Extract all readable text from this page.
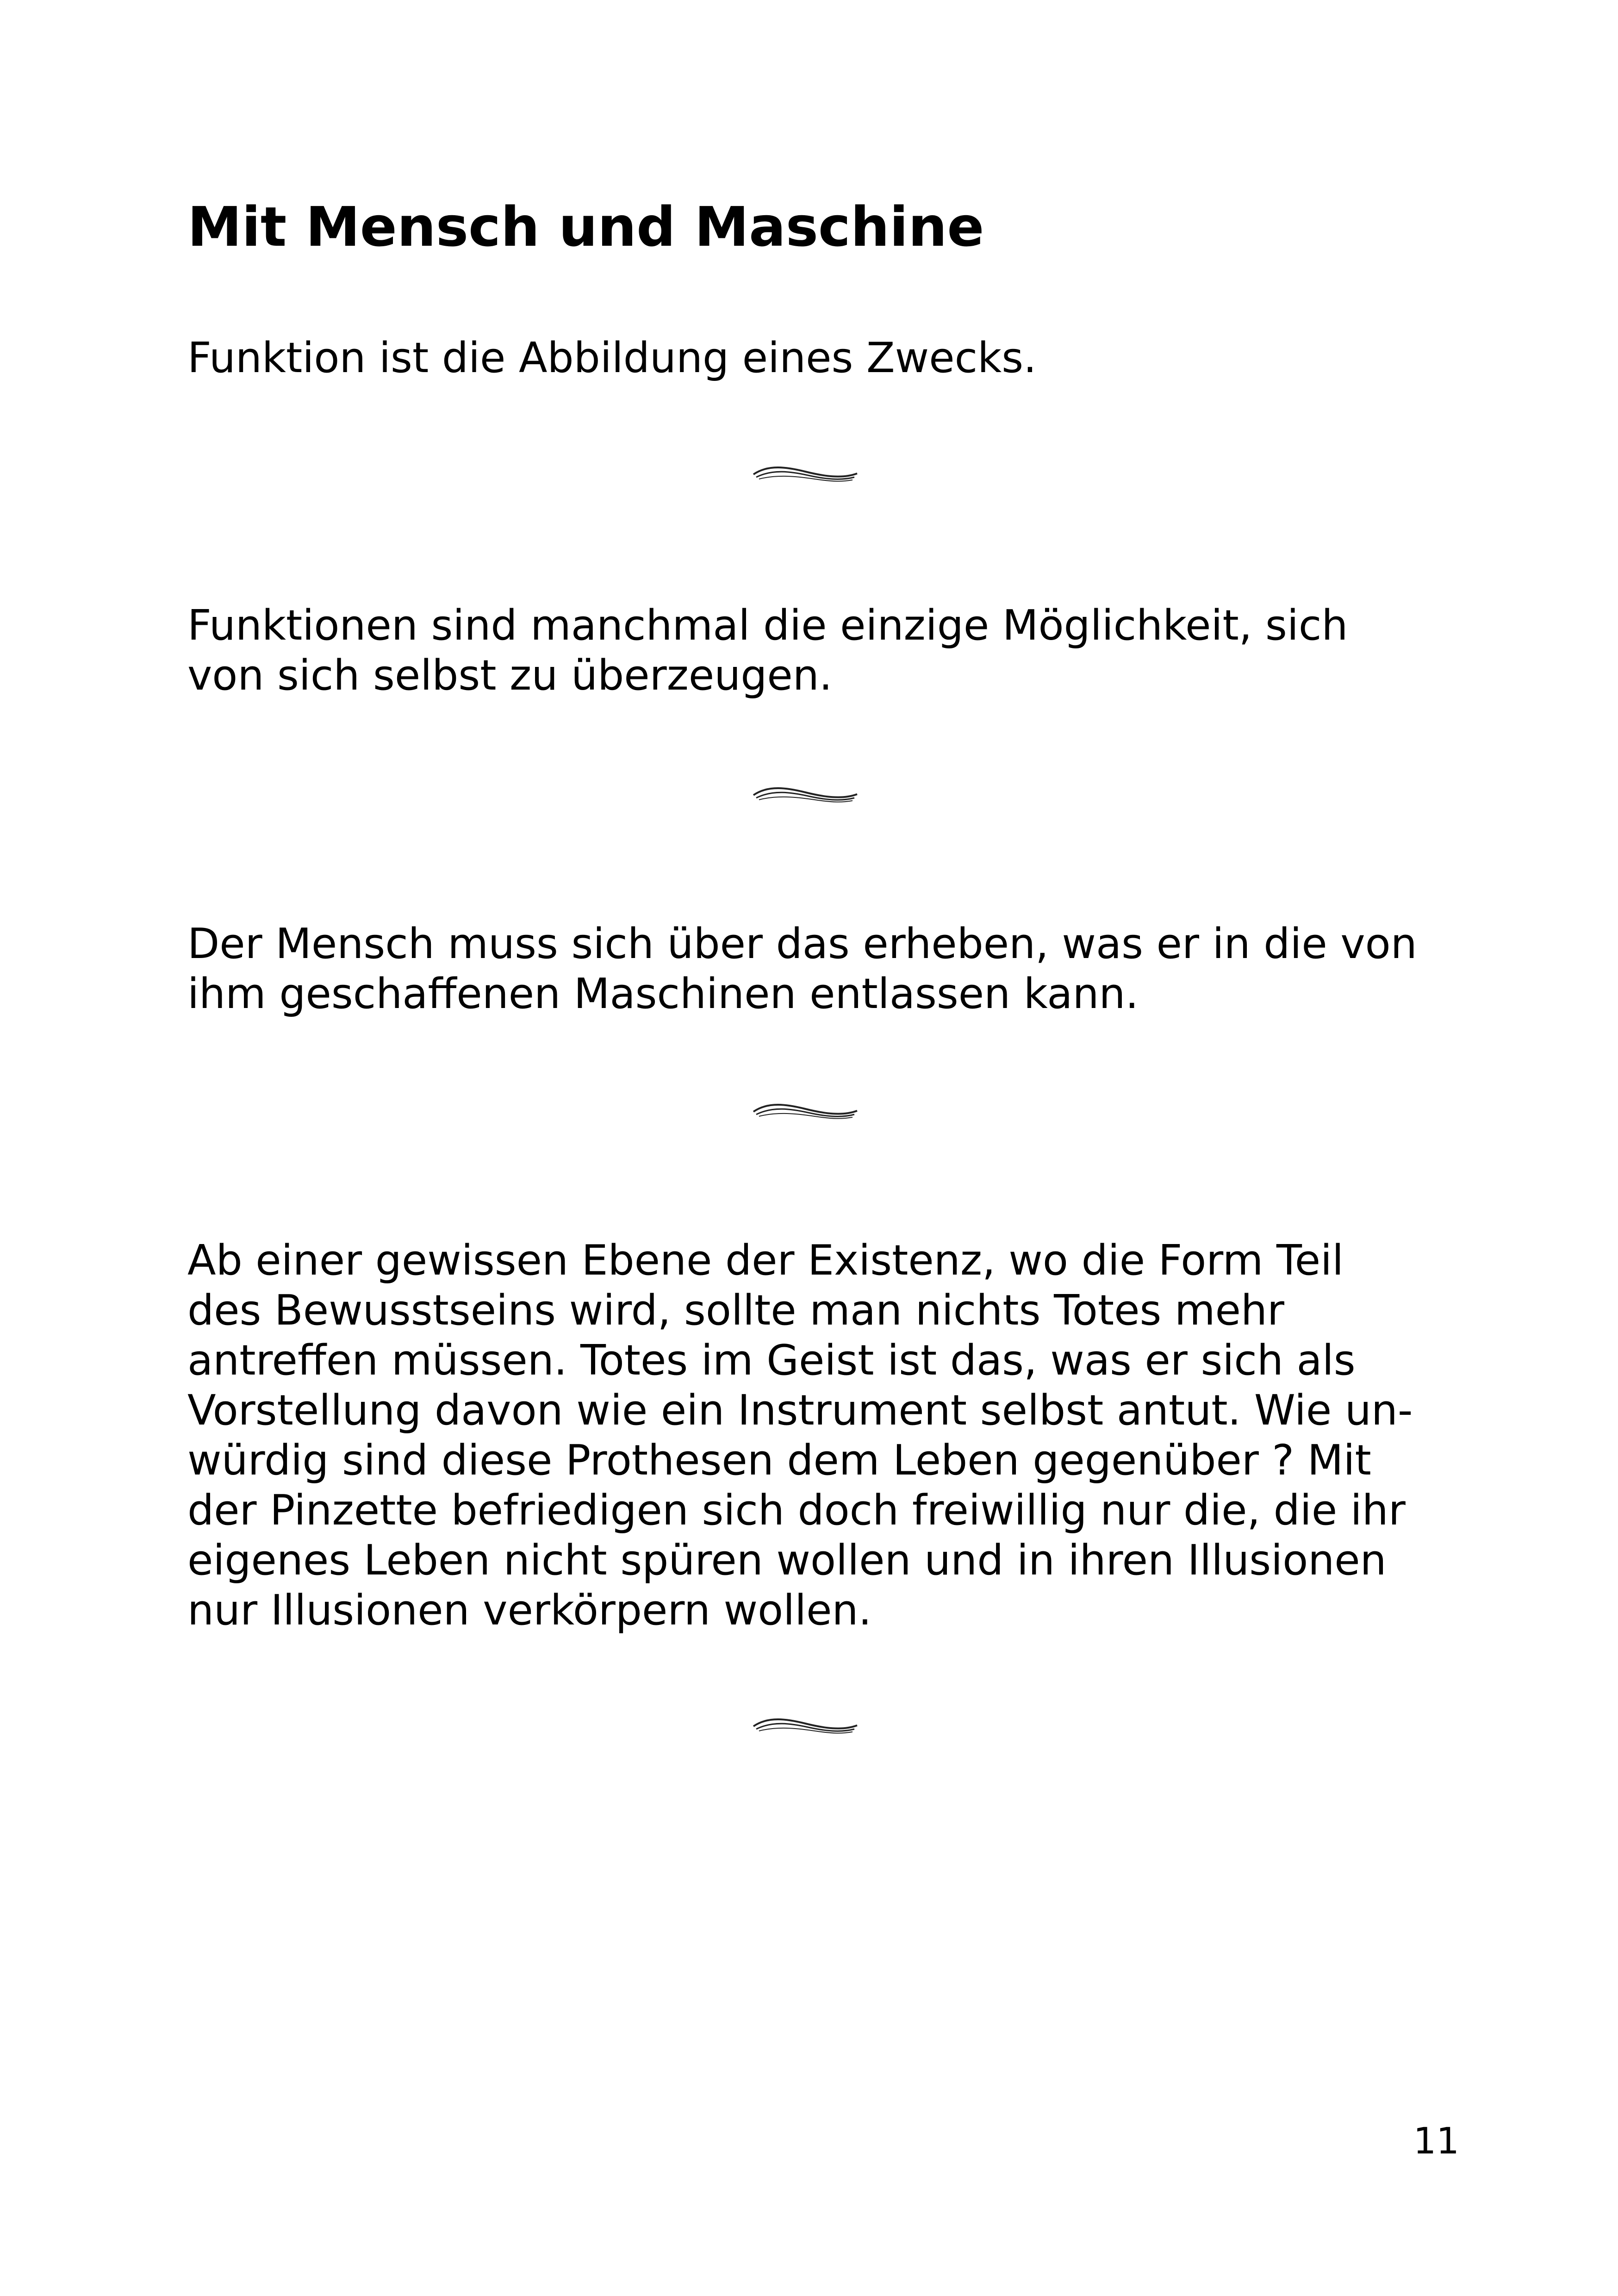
Mit Mensch und Maschine

Funktion ist die Abbildung eines Zwecks.

Funktionen sind manchmal die einzige Möglichkeit, sich
von sich selbst zu überzeugen.

Der Mensch muss sich über das erheben, was er in die von
ihm geschaffenen Maschinen entlassen kann.

Ab einer gewissen Ebene der Existenz, wo die Form Teil
des Bewusstseins wird, sollte man nichts Totes mehr
antreffen müssen. Totes im Geist ist das, was er sich als
Vorstellung davon wie ein Instrument selbst antut. Wie un-
würdig sind diese Prothesen dem Leben gegenüber ? Mit
der Pinzette befriedigen sich doch freiwillig nur die, die ihr
eigenes Leben nicht spüren wollen und in ihren Illusionen
nur Illusionen verkörpern wollen.

11
